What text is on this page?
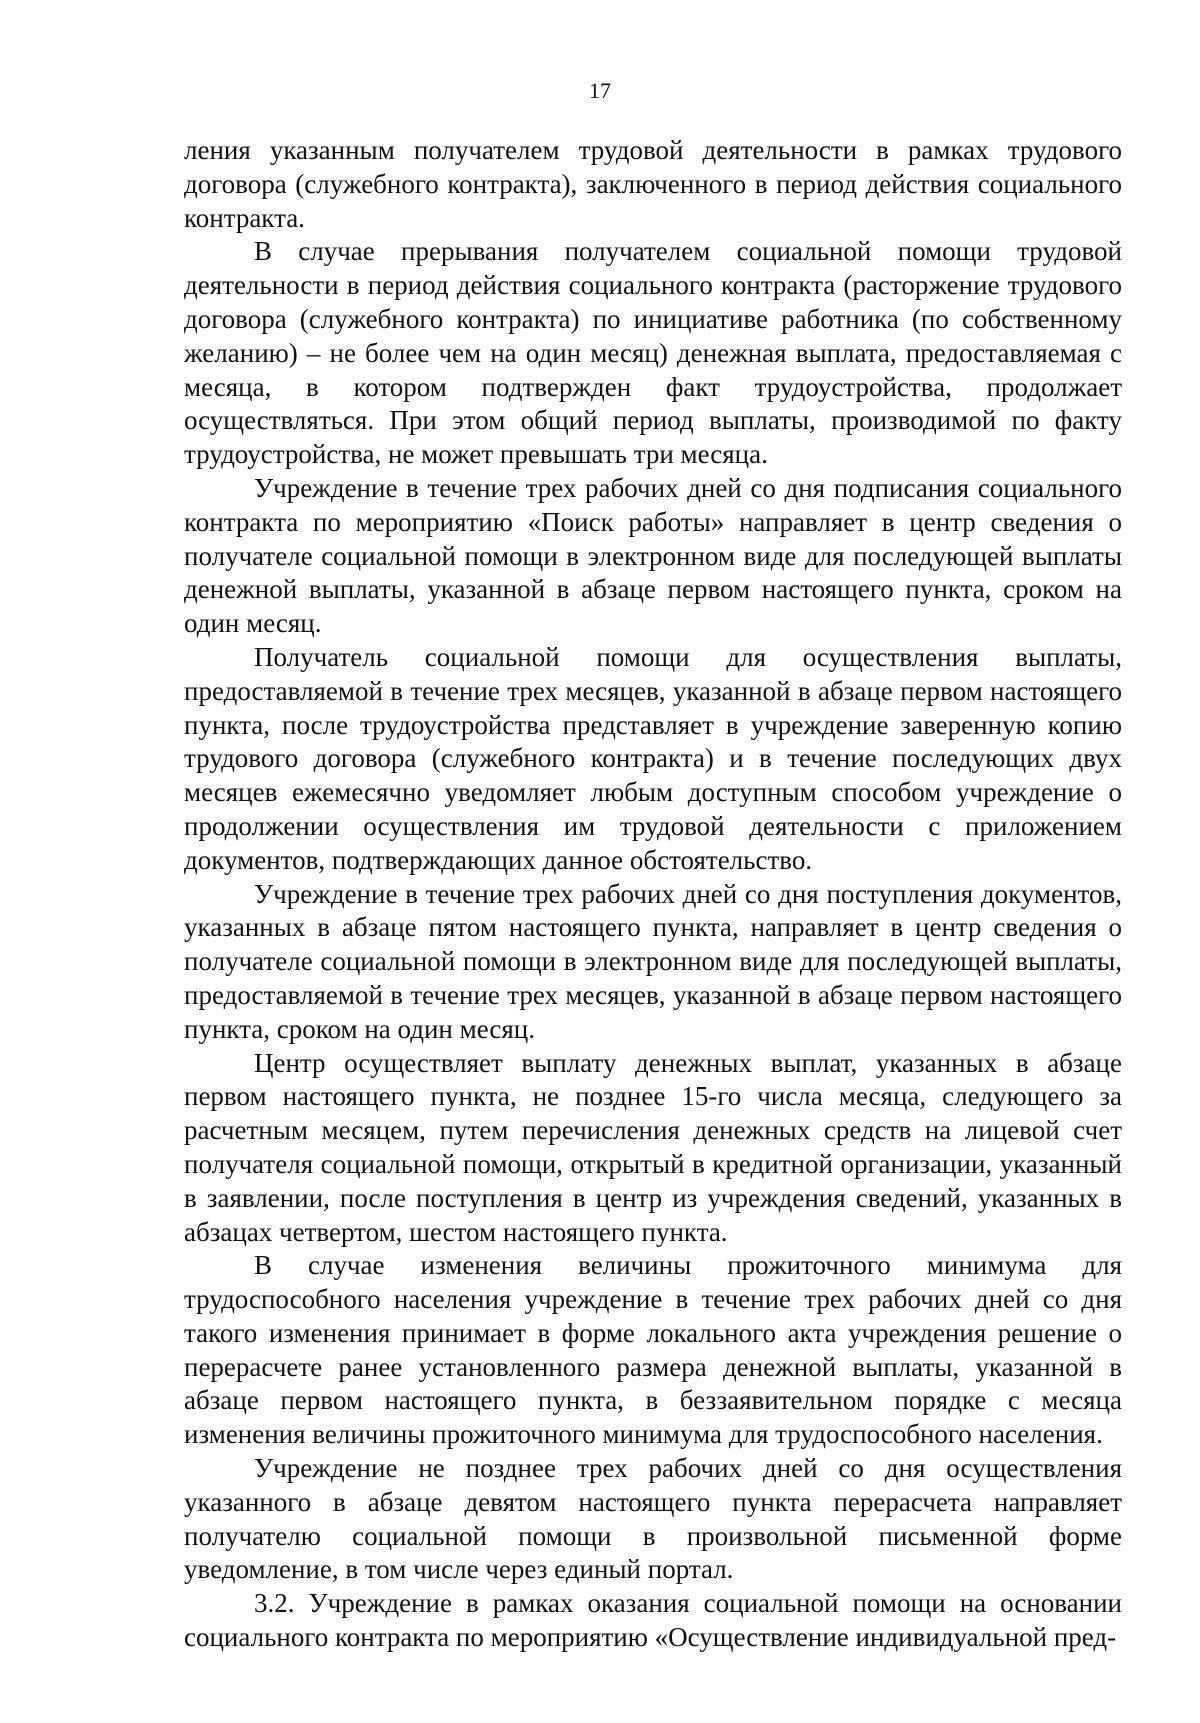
17

ления указанным получателем трудовой деятельности в рамках трудового договора (служебного контракта), заключенного в период действия социального контракта.

В случае прерывания получателем социальной помощи трудовой деятельности в период действия социального контракта (расторжение трудового договора (служебного контракта) по инициативе работника (по собственному желанию) – не более чем на один месяц) денежная выплата, предоставляемая с месяца, в котором подтвержден факт трудоустройства, продолжает осуществляться. При этом общий период выплаты, производимой по факту трудоустройства, не может превышать три месяца.

Учреждение в течение трех рабочих дней со дня подписания социального контракта по мероприятию «Поиск работы» направляет в центр сведения о получателе социальной помощи в электронном виде для последующей выплаты денежной выплаты, указанной в абзаце первом настоящего пункта, сроком на один месяц.

Получатель социальной помощи для осуществления выплаты, предоставляемой в течение трех месяцев, указанной в абзаце первом настоящего пункта, после трудоустройства представляет в учреждение заверенную копию трудового договора (служебного контракта) и в течение последующих двух месяцев ежемесячно уведомляет любым доступным способом учреждение о продолжении осуществления им трудовой деятельности с приложением документов, подтверждающих данное обстоятельство.

Учреждение в течение трех рабочих дней со дня поступления документов, указанных в абзаце пятом настоящего пункта, направляет в центр сведения о получателе социальной помощи в электронном виде для последующей выплаты, предоставляемой в течение трех месяцев, указанной в абзаце первом настоящего пункта, сроком на один месяц.

Центр осуществляет выплату денежных выплат, указанных в абзаце первом настоящего пункта, не позднее 15-го числа месяца, следующего за расчетным месяцем, путем перечисления денежных средств на лицевой счет получателя социальной помощи, открытый в кредитной организации, указанный в заявлении, после поступления в центр из учреждения сведений, указанных в абзацах четвертом, шестом настоящего пункта.

В случае изменения величины прожиточного минимума для трудоспособного населения учреждение в течение трех рабочих дней со дня такого изменения принимает в форме локального акта учреждения решение о перерасчете ранее установленного размера денежной выплаты, указанной в абзаце первом настоящего пункта, в беззаявительном порядке с месяца изменения величины прожиточного минимума для трудоспособного населения.

Учреждение не позднее трех рабочих дней со дня осуществления указанного в абзаце девятом настоящего пункта перерасчета направляет получателю социальной помощи в произвольной письменной форме уведомление, в том числе через единый портал.

3.2. Учреждение в рамках оказания социальной помощи на основании социального контракта по мероприятию «Осуществление индивидуальной пред-
